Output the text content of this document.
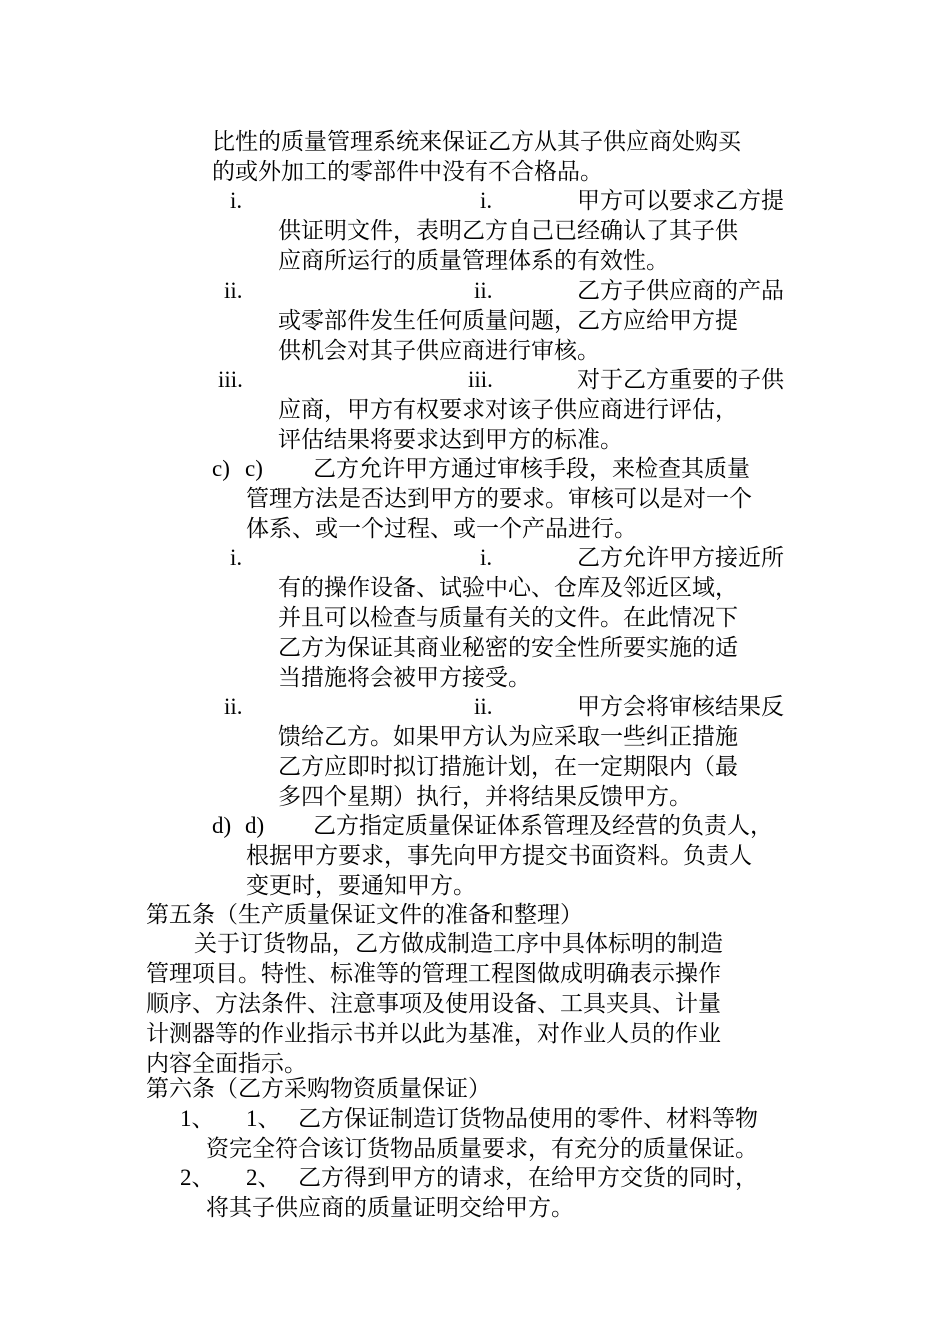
比性的质量管理系统来保证乙方从其子供应商处购买
的或外加工的零部件中没有不合格品。
i.	i.	甲方可以要求乙方提
供证明文件，表明乙方自己已经确认了其子供
应商所运行的质量管理体系的有效性。
ii.	ii.	乙方子供应商的产品
或零部件发生任何质量问题，乙方应给甲方提
供机会对其子供应商进行审核。
iii.	iii.	对于乙方重要的子供
应商，甲方有权要求对该子供应商进行评估，
评估结果将要求达到甲方的标准。
c) c) 乙方允许甲方通过审核手段，来检查其质量
管理方法是否达到甲方的要求。审核可以是对一个
体系、或一个过程、或一个产品进行。
i.	i.	乙方允许甲方接近所
有的操作设备、试验中心、仓库及邻近区域，
并且可以检查与质量有关的文件。在此情况下
乙方为保证其商业秘密的安全性所要实施的适
当措施将会被甲方接受。
ii.	ii.	甲方会将审核结果反
馈给乙方。如果甲方认为应采取一些纠正措施
乙方应即时拟订措施计划，在一定期限内（最
多四个星期）执行，并将结果反馈甲方。
d) d) 乙方指定质量保证体系管理及经营的负责人，
根据甲方要求，事先向甲方提交书面资料。负责人
变更时，要通知甲方。
第五条（生产质量保证文件的准备和整理）
关于订货物品，乙方做成制造工序中具体标明的制造
管理项目。特性、标准等的管理工程图做成明确表示操作
顺序、方法条件、注意事项及使用设备、工具夹具、计量
计测器等的作业指示书并以此为基准，对作业人员的作业
内容全面指示。
第六条（乙方采购物资质量保证）
1、 1、 乙方保证制造订货物品使用的零件、材料等物
资完全符合该订货物品质量要求，有充分的质量保证。
2、 2、 乙方得到甲方的请求，在给甲方交货的同时，
将其子供应商的质量证明交给甲方。
